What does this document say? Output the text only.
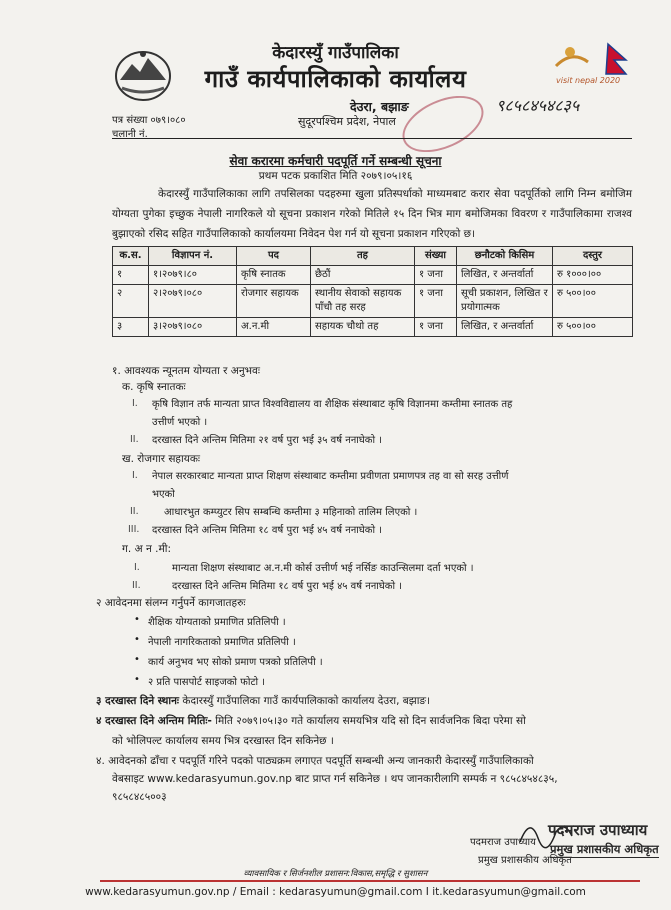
visit nepal 2020
केदारस्युँ गाउँपालिका
गाउँ कार्यपालिकाको कार्यालय
देउरा, बझाङ
सुदूरपश्चिम प्रदेश, नेपाल
पत्र संख्या ०७९।०८०
चलानी नं.
९८५८४५४८३५
सेवा करारमा कर्मचारी पदपूर्ति गर्ने सम्बन्धी सूचना
प्रथम पटक प्रकाशित मिति २०७९।०५।१६

केदारस्युँ गाउँपालिकाका लागि तपसिलका पदहरुमा खुला प्रतिस्पर्धाको माध्यमबाट करार सेवा पदपूर्तिको लागि निम्न बमोजिम योग्यता पुगेका इच्छुक नेपाली नागरिकले यो सूचना प्रकाशन गरेको मितिले १५ दिन भित्र माग बमोजिमका विवरण र गाउँपालिकामा राजश्व बुझाएको रसिद सहित गाउँपालिकाको कार्यालयमा निवेदन पेश गर्न यो सूचना प्रकाशन गरिएको छ।

क.स.	विज्ञापन नं.	पद	तह	संख्या	छनौटको किसिम	दस्तुर
१	१।२०७९।८०	कृषि स्नातक	छैठौं	१ जना	लिखित, र अन्तर्वार्ता	रु १०००।००
२	२।२०७९।०८०	रोजगार सहायक	स्थानीय सेवाको सहायक पाँचौ तह सरह	१ जना	सूची प्रकाशन, लिखित र प्रयोगात्मक	रु ५००।००
३	३।२०७९।०८०	अ.न.मी	सहायक चौथो तह	१ जना	लिखित, र अन्तर्वार्ता	रु ५००।००
१. आवश्यक न्यूनतम योग्यता र अनुभवः
क. कृषि स्नातकः
I. कृषि विज्ञान तर्फ मान्यता प्राप्त विश्वविद्यालय वा शैक्षिक संस्थाबाट कृषि विज्ञानमा कम्तीमा स्नातक तह
उत्तीर्ण भएको ।
II. दरखास्त दिने अन्तिम मितिमा २१ वर्ष पुरा भई ३५ वर्ष ननाघेको ।
ख. रोजगार सहायकः
I. नेपाल सरकारबाट मान्यता प्राप्त शिक्षण संस्थाबाट कम्तीमा प्रवीणता प्रमाणपत्र तह वा सो सरह उत्तीर्ण
भएको
II.	आधारभुत कम्प्युटर सिप सम्बन्धि कम्तीमा ३ महिनाको तालिम लिएको ।
III. दरखास्त दिने अन्तिम मितिमा १८ वर्ष पुरा भई ४५ वर्ष ननाघेको ।
ग. अ न .मी:
I.	मान्यता शिक्षण संस्थाबाट अ.न.मी कोर्स उत्तीर्ण भई नर्सिङ काउन्सिलमा दर्ता भएको ।
II.	दरखास्त दिने अन्तिम मितिमा १८ वर्ष पुरा भई ४५ वर्ष ननाघेको ।
२ आवेदनमा संलग्न गर्नुपर्ने कागजातहरुः
• शैक्षिक योग्यताको प्रमाणित प्रतिलिपी ।
• नेपाली नागरिकताको प्रमाणित प्रतिलिपी ।
• कार्य अनुभव भए सोको प्रमाण पत्रको प्रतिलिपी ।
• २ प्रति पासपोर्ट साइजको फोटो ।
३ दरखास्त दिने स्थानः केदारस्युँ गाउँपालिका गाउँ कार्यपालिकाको कार्यालय देउरा, बझाङ।
४ दरखास्त दिने अन्तिम मितिः- मिति २०७९।०५।३० गते कार्यालय समयभित्र यदि सो दिन सार्वजनिक बिदा परेमा सो
को भोलिपल्ट कार्यालय समय भित्र दरखास्त दिन सकिनेछ ।
४. आवेदनको ढाँचा र पदपूर्ति गरिने पदको पाठ्यक्रम लगाएत पदपूर्ति सम्बन्धी अन्य जानकारी केदारस्युँ गाउँपालिकाको
वेबसाइट www.kedarasyumun.gov.np बाट प्राप्त गर्न सकिनेछ । थप जानकारीलागि सम्पर्क न ९८५८४५४८३५,
९८५८४८५००३
पदमराज उपाध्याय
प्रमुख प्रशासकीय अधिकृत
पदमराज उपाध्याय
प्रमुख प्रशासकीय अधिकृत
व्यावसायिक र सिर्जनशील प्रशासन:विकास,समृद्धि र सुशासन
www.kedarasyumun.gov.np / Email : kedarasyumun@gmail.com I it.kedarasyumun@gmail.com
